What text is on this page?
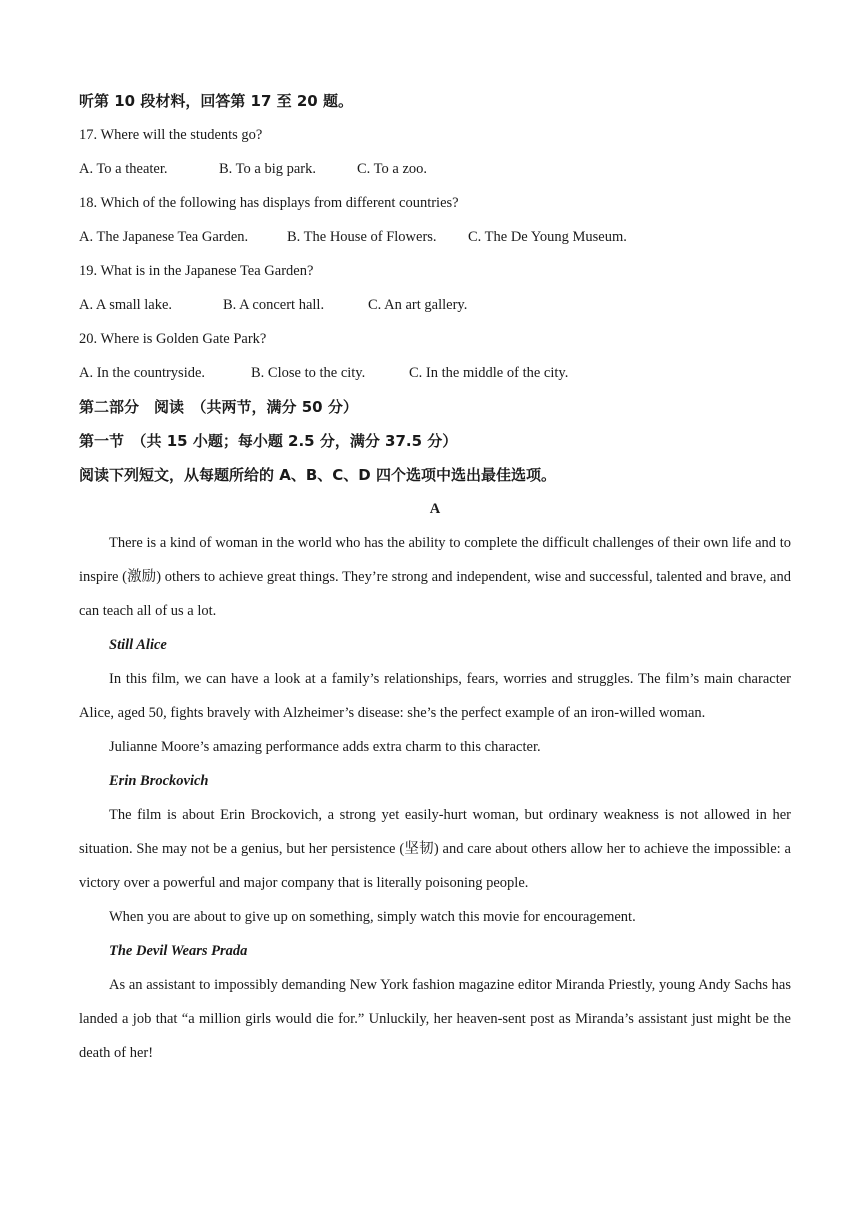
听第 10 段材料，回答第 17 至 20 题。
17. Where will the students go?
A. To a theater.	B. To a big park.	C. To a zoo.
18. Which of the following has displays from different countries?
A. The Japanese Tea Garden.	B. The House of Flowers. C. The De Young Museum.
19. What is in the Japanese Tea Garden?
A. A small lake.	B. A concert hall.	C. An art gallery.
20. Where is Golden Gate Park?
A. In the countryside.	B. Close to the city.	C. In the middle of the city.
第二部分　阅读　（共两节，满分 50 分）
第一节　（共 15 小题；每小题 2.5 分，满分 37.5 分）
阅读下列短文，从每题所给的 A、B、C、D 四个选项中选出最佳选项。
A

There is a kind of woman in the world who has the ability to complete the difficult challenges of their own life and to inspire (激励) others to achieve great things. They’re strong and independent, wise and successful, talented and brave, and can teach all of us a lot.

Still Alice

In this film, we can have a look at a family’s relationships, fears, worries and struggles. The film’s main character Alice, aged 50, fights bravely with Alzheimer’s disease: she’s the perfect example of an iron-willed woman.

Julianne Moore’s amazing performance adds extra charm to this character.

Erin Brockovich

The film is about Erin Brockovich, a strong yet easily-hurt woman, but ordinary weakness is not allowed in her situation. She may not be a genius, but her persistence (坚韧) and care about others allow her to achieve the impossible: a victory over a powerful and major company that is literally poisoning people.

When you are about to give up on something, simply watch this movie for encouragement.

The Devil Wears Prada

As an assistant to impossibly demanding New York fashion magazine editor Miranda Priestly, young Andy Sachs has landed a job that “a million girls would die for.” Unluckily, her heaven-sent post as Miranda’s assistant just might be the death of her!
